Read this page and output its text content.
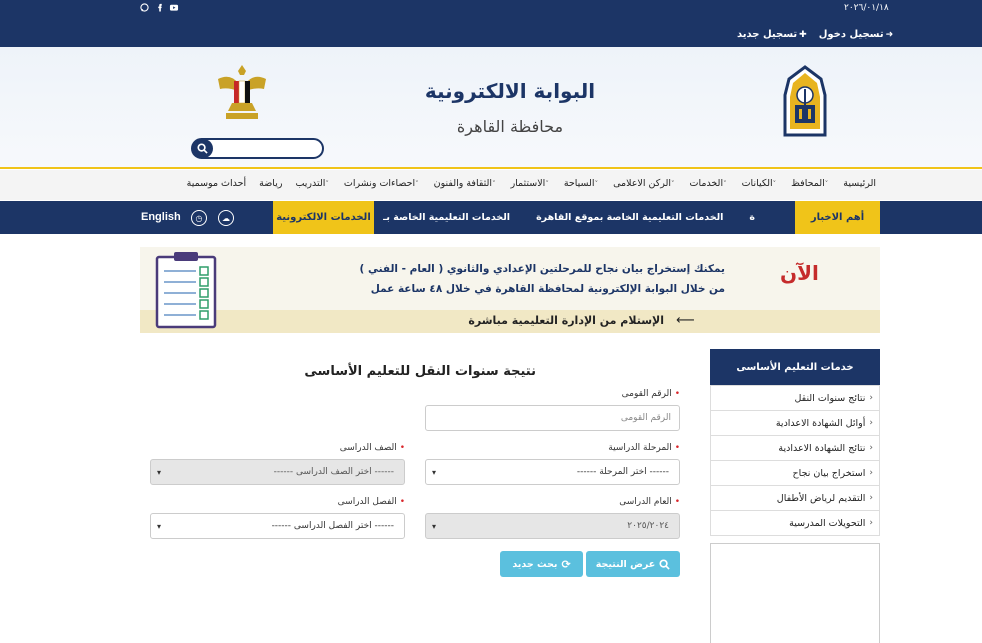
٢٠٢٦/٠١/١٨
➜
تسجيل دخول
✚
تسجيل جديد
البوابة الالكترونية
محافظة القاهرة
الرئيسية
المحافظ˅
الكيانات˅
الخدمات˅
الركن الاعلامى˅
السياحة˅
الاستثمار˅
الثقافة والفنون˅
احصاءات ونشرات˅
التدريب˅
رياضة
أحداث موسمية
أهم الاخبار
ة
الخدمات التعليمية الخاصة بموقع القاهرة
الخدمات التعليمية الخاصة بـ
الخدمات الالكترونية
☁
◷
English
الآن
يمكنك إستخراج بيان نجاح للمرحلتين الإعدادي والثانوي ( العام - الفني )
من خلال البوابة الإلكترونية لمحافظة القاهرة في خلال ٤٨ ساعة عمل
⟵
الإستلام من الإدارة التعليمية مباشرة
خدمات التعليم الأساسى
‹
نتائج سنوات النقل
‹
أوائل الشهادة الاعدادية
‹
نتائج الشهادة الاعدادية
‹
استخراج بيان نجاح
‹
التقديم لرياض الأطفال
‹
التحويلات المدرسية
نتيجة سنوات النقل للتعليم الأساسى
• الرقم القومى
الرقم القومى
• المرحلة الدراسية
------ اختر المرحلة ------
▾
• الصف الدراسى
------ اختر الصف الدراسى ------
▾
• العام الدراسى
٢٠٢٥/٢٠٢٤
▾
• الفصل الدراسى
------ اختر الفصل الدراسى ------
▾
عرض النتيجة
⟳
بحث جديد
